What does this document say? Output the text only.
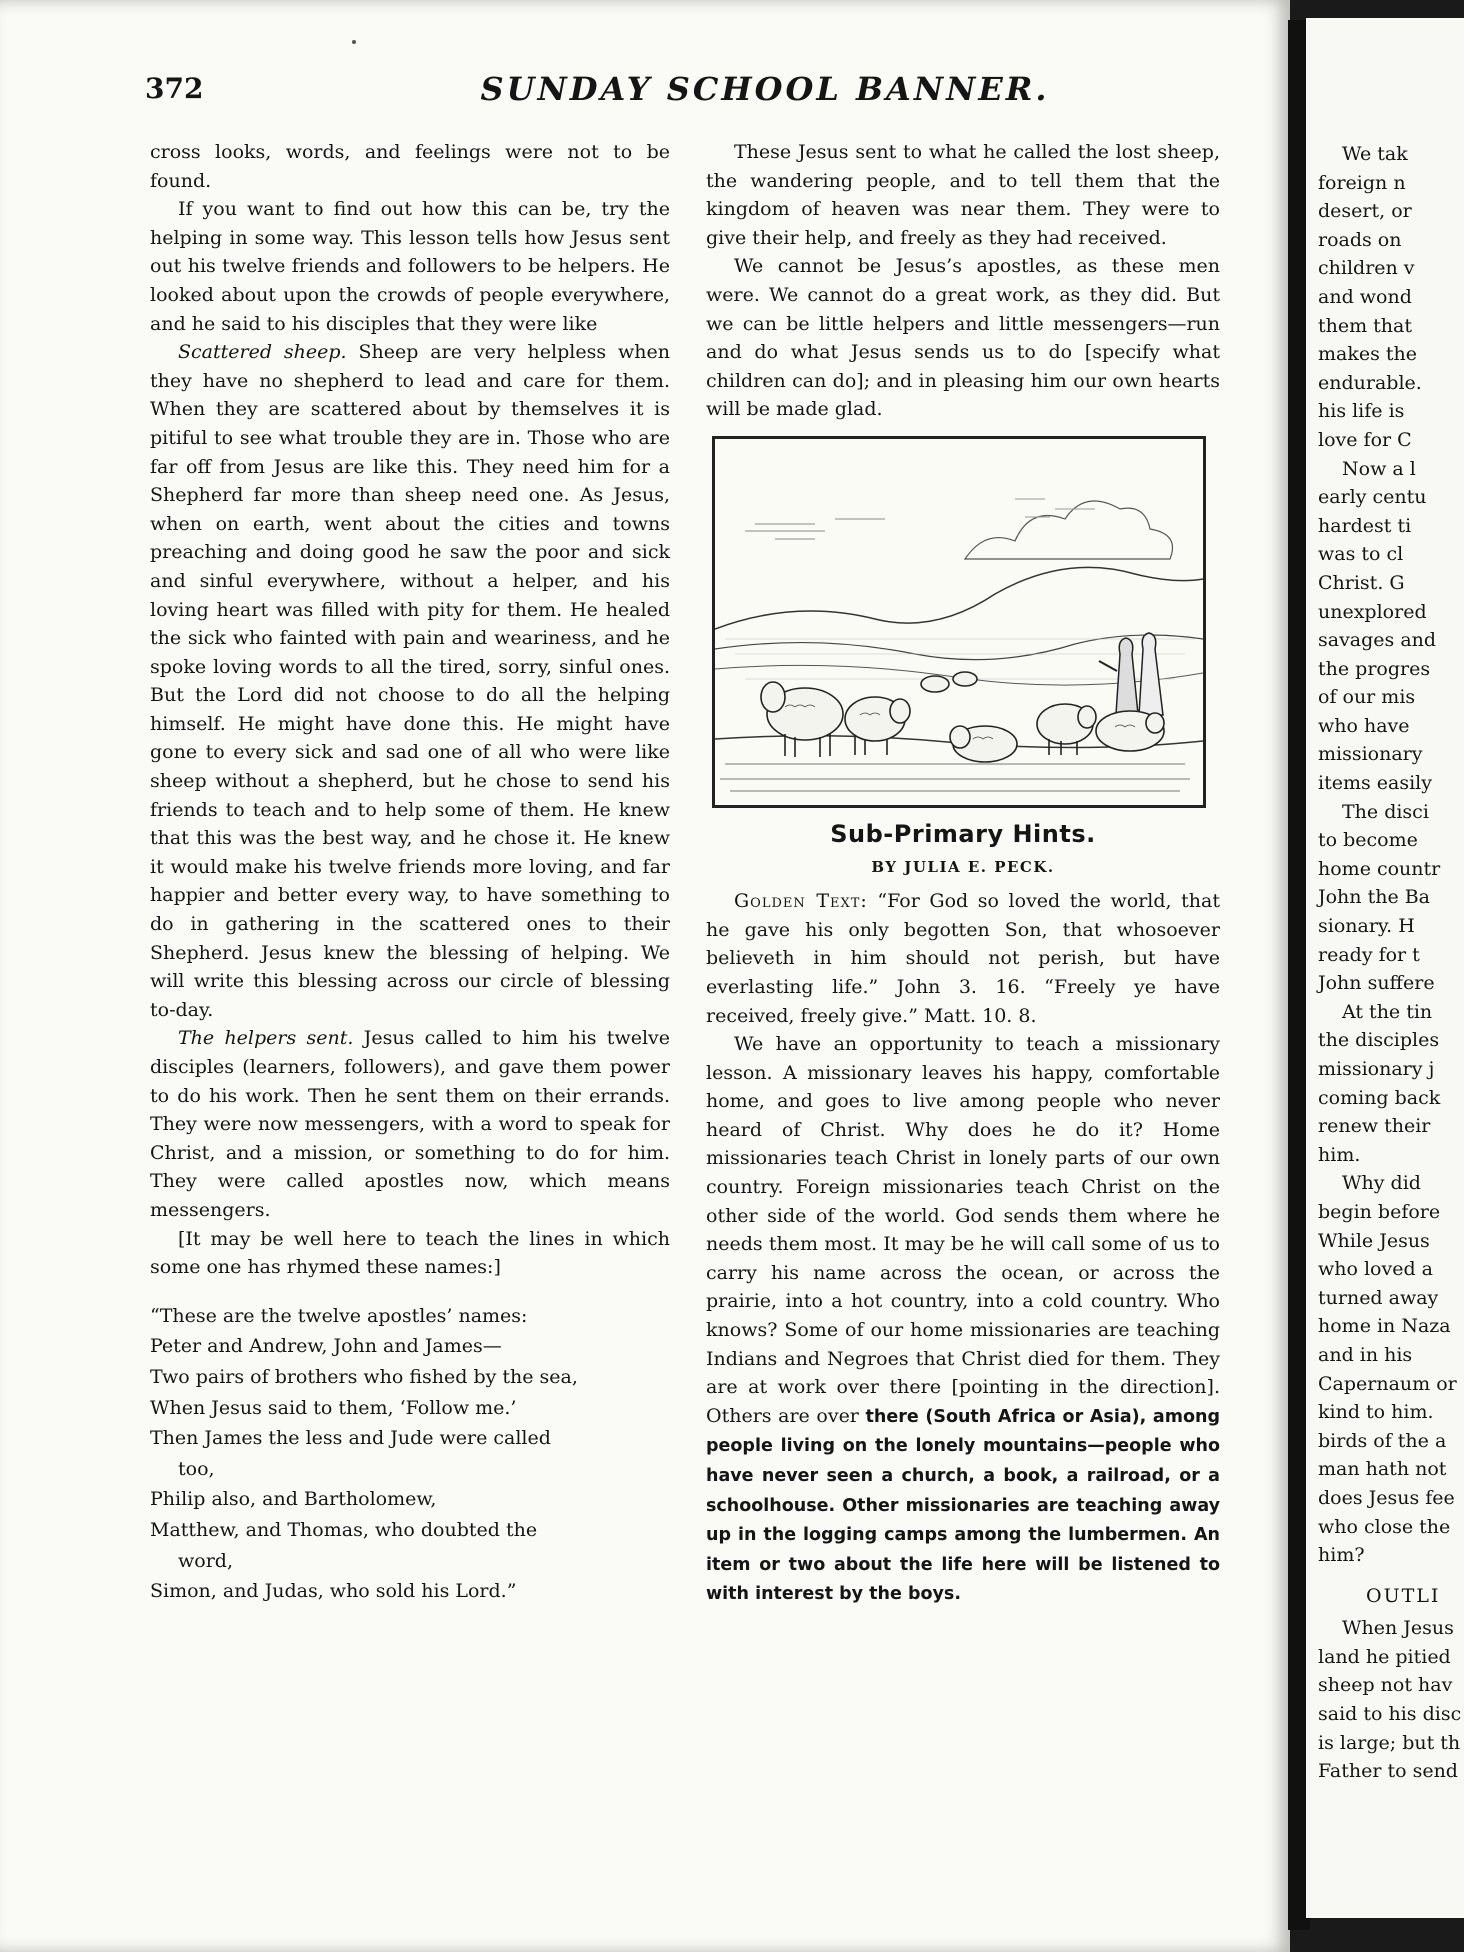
372	SUNDAY SCHOOL BANNER.

cross looks, words, and feelings were not to be found.

If you want to find out how this can be, try the helping in some way. This lesson tells how Jesus sent out his twelve friends and followers to be helpers. He looked about upon the crowds of people everywhere, and he said to his disciples that they were like

Scattered sheep. Sheep are very helpless when they have no shepherd to lead and care for them. When they are scattered about by themselves it is pitiful to see what trouble they are in. Those who are far off from Jesus are like this. They need him for a Shepherd far more than sheep need one. As Jesus, when on earth, went about the cities and towns preaching and doing good he saw the poor and sick and sinful everywhere, without a helper, and his loving heart was filled with pity for them. He healed the sick who fainted with pain and weariness, and he spoke loving words to all the tired, sorry, sinful ones. But the Lord did not choose to do all the helping himself. He might have done this. He might have gone to every sick and sad one of all who were like sheep without a shepherd, but he chose to send his friends to teach and to help some of them. He knew that this was the best way, and he chose it. He knew it would make his twelve friends more loving, and far happier and better every way, to have something to do in gathering in the scattered ones to their Shepherd. Jesus knew the blessing of helping. We will write this blessing across our circle of blessing to-day.

The helpers sent. Jesus called to him his twelve disciples (learners, followers), and gave them power to do his work. Then he sent them on their errands. They were now messengers, with a word to speak for Christ, and a mission, or something to do for him. They were called apostles now, which means messengers.

[It may be well here to teach the lines in which some one has rhymed these names:]

“These are the twelve apostles’ names:
Peter and Andrew, John and James—
Two pairs of brothers who fished by the sea,
When Jesus said to them, ‘Follow me.’
Then James the less and Jude were called
too,
Philip also, and Bartholomew,
Matthew, and Thomas, who doubted the
word,
Simon, and Judas, who sold his Lord.”

These Jesus sent to what he called the lost sheep, the wandering people, and to tell them that the kingdom of heaven was near them. They were to give their help, and freely as they had received.

We cannot be Jesus’s apostles, as these men were. We cannot do a great work, as they did. But we can be little helpers and little messengers—run and do what Jesus sends us to do [specify what children can do]; and in pleasing him our own hearts will be made glad.

Sub-Primary Hints.
BY JULIA E. PECK.

Golden Text: “For God so loved the world, that he gave his only begotten Son, that whosoever believeth in him should not perish, but have everlasting life.” John 3. 16. “Freely ye have received, freely give.” Matt. 10. 8.

We have an opportunity to teach a missionary lesson. A missionary leaves his happy, comfortable home, and goes to live among people who never heard of Christ. Why does he do it? Home missionaries teach Christ in lonely parts of our own country. Foreign missionaries teach Christ on the other side of the world. God sends them where he needs them most. It may be he will call some of us to carry his name across the ocean, or across the prairie, into a hot country, into a cold country. Who knows? Some of our home missionaries are teaching Indians and Negroes that Christ died for them. They are at work over there [pointing in the direction]. Others are over there (South Africa or Asia), among people living on the lonely mountains—people who have never seen a church, a book, a railroad, or a schoolhouse. Other missionaries are teaching away up in the logging camps among the lumbermen. An item or two about the life here will be listened to with interest by the boys.

We tak
foreign n
desert, or
roads on
children v
and wond
them that
makes the
endurable.
his life is
love for C
Now a l
early centu
hardest ti
was to cl
Christ. G
unexplored
savages and
the progres
of our mis
who have
missionary
items easily
The disci
to become
home countr
John the Ba
sionary. H
ready for t
John suffere
At the tin
the disciples
missionary j
coming back
renew their
him.
Why did
begin before
While Jesus
who loved a
turned away
home in Naza
and in his
Capernaum or
kind to him.
birds of the a
man hath not
does Jesus fee
who close the
him?
OUTLI
When Jesus
land he pitied
sheep not hav
said to his disc
is large; but th
Father to send
